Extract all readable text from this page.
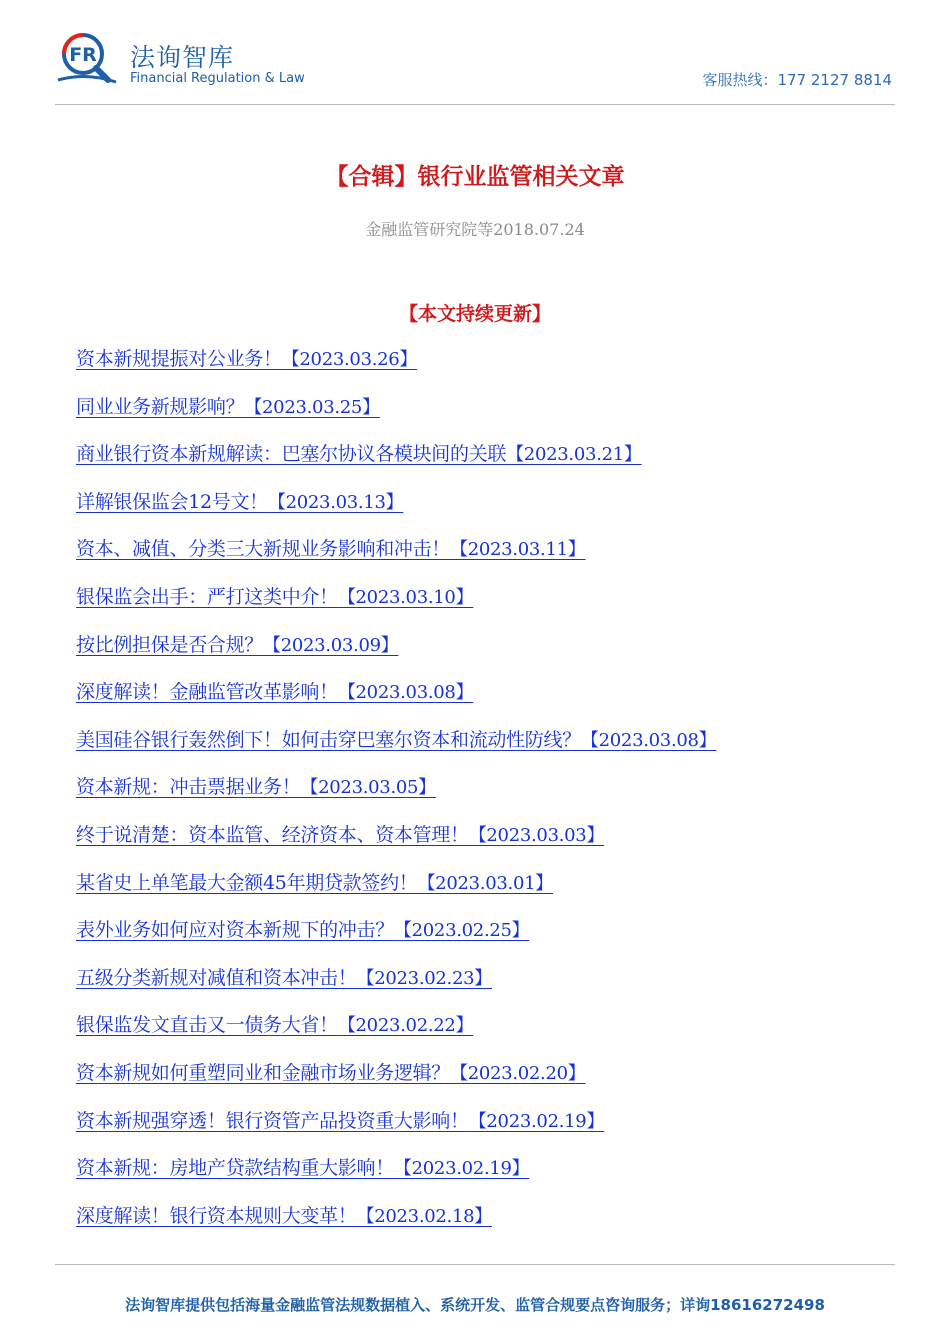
FR 法询智库
Financial Regulation & Law	客服热线：177 2127 8814
【合辑】银行业监管相关文章
金融监管研究院等2018.07.24
【本文持续更新】
资本新规提振对公业务！【2023.03.26】
同业业务新规影响？【2023.03.25】
商业银行资本新规解读：巴塞尔协议各模块间的关联【2023.03.21】
详解银保监会12号文！【2023.03.13】
资本、减值、分类三大新规业务影响和冲击！【2023.03.11】
银保监会出手：严打这类中介！【2023.03.10】
按比例担保是否合规？【2023.03.09】
深度解读！金融监管改革影响！【2023.03.08】
美国硅谷银行轰然倒下！如何击穿巴塞尔资本和流动性防线？【2023.03.08】
资本新规：冲击票据业务！【2023.03.05】
终于说清楚：资本监管、经济资本、资本管理！【2023.03.03】
某省史上单笔最大金额45年期贷款签约！【2023.03.01】
表外业务如何应对资本新规下的冲击？【2023.02.25】
五级分类新规对减值和资本冲击！【2023.02.23】
银保监发文直击又一债务大省！【2023.02.22】
资本新规如何重塑同业和金融市场业务逻辑？【2023.02.20】
资本新规强穿透！银行资管产品投资重大影响！【2023.02.19】
资本新规：房地产贷款结构重大影响！【2023.02.19】
深度解读！银行资本规则大变革！【2023.02.18】
法询智库提供包括海量金融监管法规数据植入、系统开发、监管合规要点咨询服务；详询18616272498
